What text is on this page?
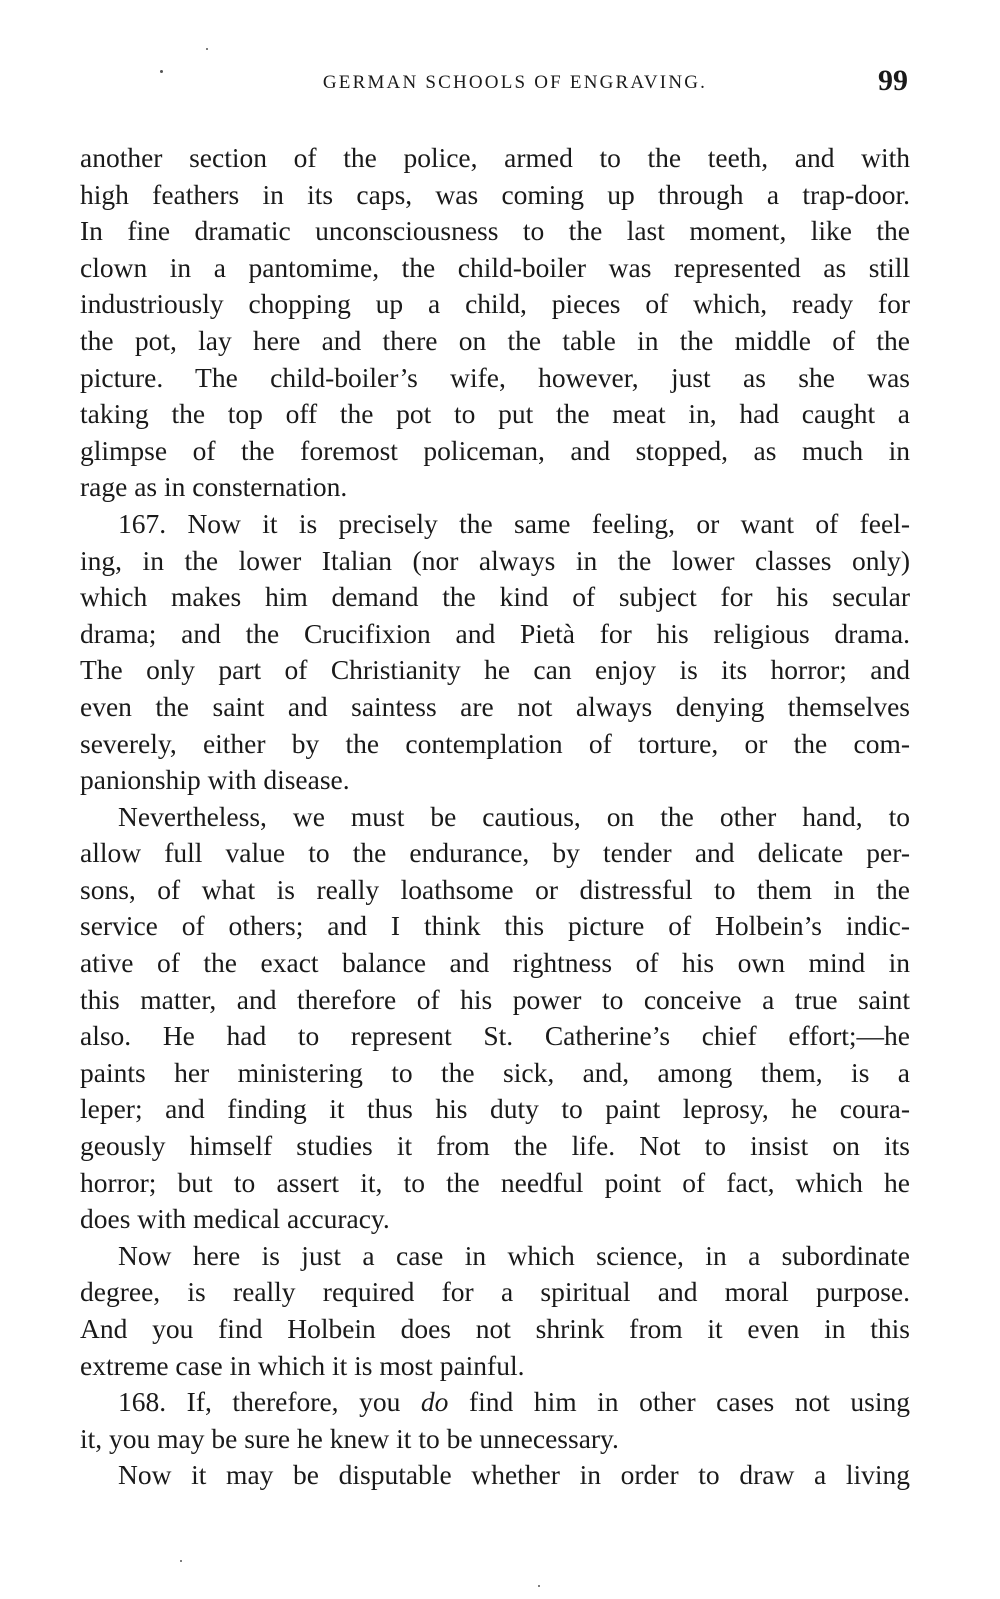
GERMAN SCHOOLS OF ENGRAVING.	99
another section of the police, armed to the teeth, and with
high feathers in its caps, was coming up through a trap-door.
In fine dramatic unconsciousness to the last moment, like the
clown in a pantomime, the child-boiler was represented as still
industriously chopping up a child, pieces of which, ready for
the pot, lay here and there on the table in the middle of the
picture. The child-boiler’s wife, however, just as she was
taking the top off the pot to put the meat in, had caught a
glimpse of the foremost policeman, and stopped, as much in
rage as in consternation.
167. Now it is precisely the same feeling, or want of feel-
ing, in the lower Italian (nor always in the lower classes only)
which makes him demand the kind of subject for his secular
drama; and the Crucifixion and Pietà for his religious drama.
The only part of Christianity he can enjoy is its horror; and
even the saint and saintess are not always denying themselves
severely, either by the contemplation of torture, or the com-
panionship with disease.
Nevertheless, we must be cautious, on the other hand, to
allow full value to the endurance, by tender and delicate per-
sons, of what is really loathsome or distressful to them in the
service of others; and I think this picture of Holbein’s indic-
ative of the exact balance and rightness of his own mind in
this matter, and therefore of his power to conceive a true saint
also. He had to represent St. Catherine’s chief effort;—he
paints her ministering to the sick, and, among them, is a
leper; and finding it thus his duty to paint leprosy, he coura-
geously himself studies it from the life. Not to insist on its
horror; but to assert it, to the needful point of fact, which he
does with medical accuracy.
Now here is just a case in which science, in a subordinate
degree, is really required for a spiritual and moral purpose.
And you find Holbein does not shrink from it even in this
extreme case in which it is most painful.
168. If, therefore, you do find him in other cases not using
it, you may be sure he knew it to be unnecessary.
Now it may be disputable whether in order to draw a living
